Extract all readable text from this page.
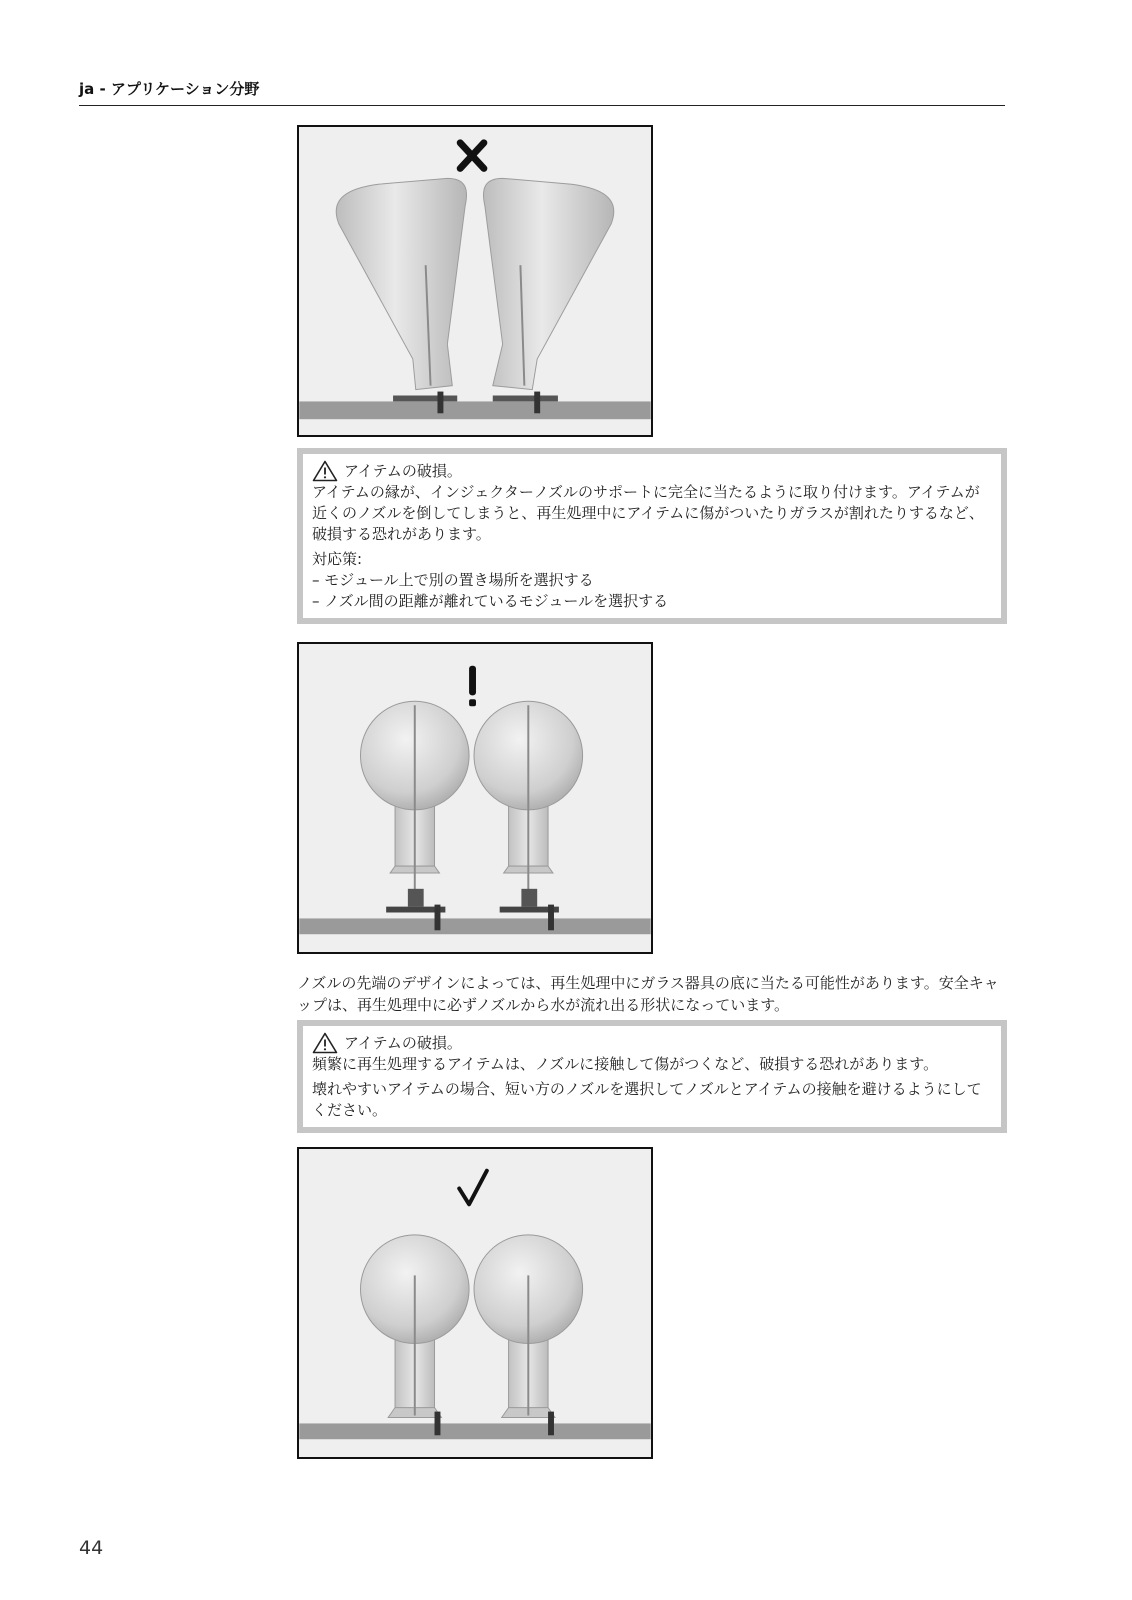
ja - アプリケーション分野
アイテムの破損。

アイテムの縁が、インジェクターノズルのサポートに完全に当たるように取り付けます。アイテムが近くのノズルを倒してしまうと、再生処理中にアイテムに傷がついたりガラスが割れたりするなど、破損する恐れがあります。

対応策:

– モジュール上で別の置き場所を選択する

– ノズル間の距離が離れているモジュールを選択する

ノズルの先端のデザインによっては、再生処理中にガラス器具の底に当たる可能性があります。安全キャップは、再生処理中に必ずノズルから水が流れ出る形状になっています。

アイテムの破損。

頻繁に再生処理するアイテムは、ノズルに接触して傷がつくなど、破損する恐れがあります。

壊れやすいアイテムの場合、短い方のノズルを選択してノズルとアイテムの接触を避けるようにしてください。

44
